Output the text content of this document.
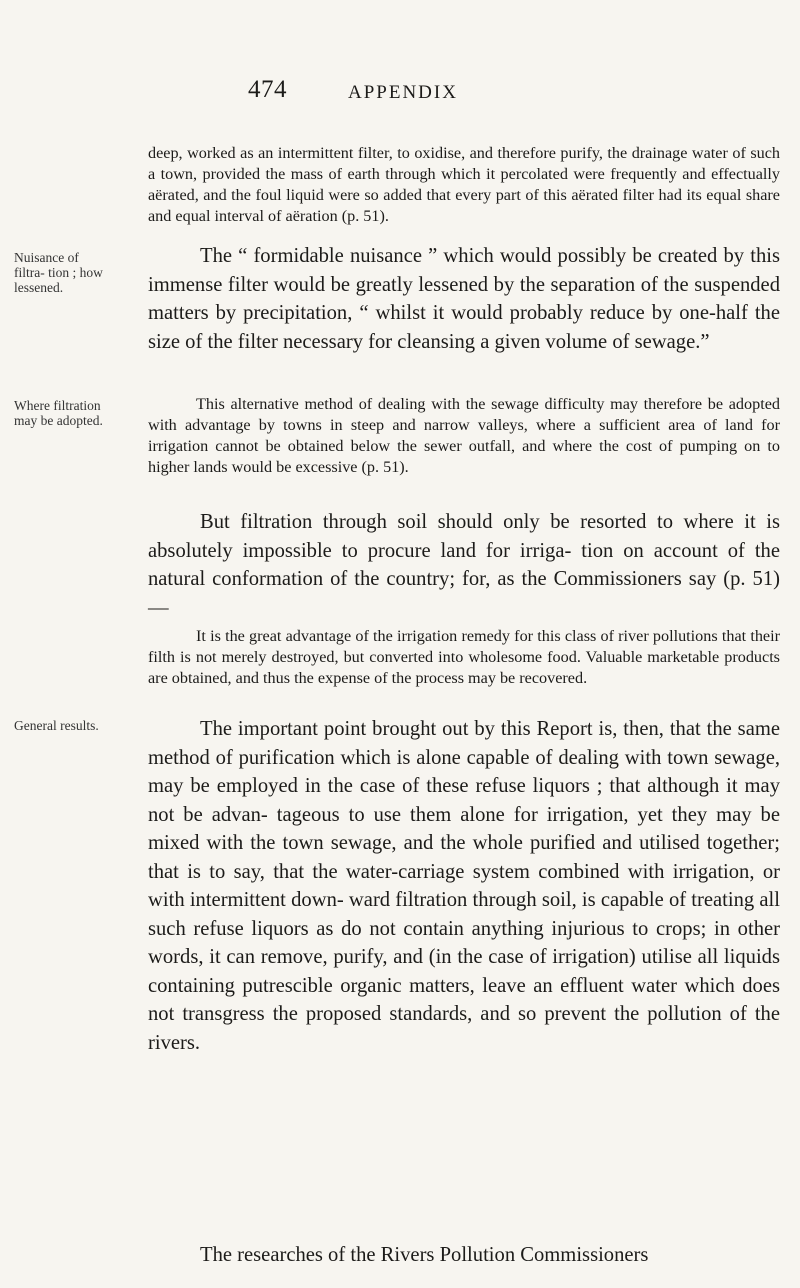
474	APPENDIX

deep, worked as an intermittent filter, to oxidise, and therefore purify, the drainage water of such a town, provided the mass of earth through which it percolated were frequently and effectually aërated, and the foul liquid were so added that every part of this aërated filter had its equal share and equal interval of aëration (p. 51).

Nuisance of filtra- tion ; how lessened.

The “ formidable nuisance ” which would possibly be created by this immense filter would be greatly lessened by the separation of the suspended matters by precipitation, “ whilst it would probably reduce by one-half the size of the filter necessary for cleansing a given volume of sewage.”

Where filtration may be adopted.

This alternative method of dealing with the sewage difficulty may therefore be adopted with advantage by towns in steep and narrow valleys, where a sufficient area of land for irrigation cannot be obtained below the sewer outfall, and where the cost of pumping on to higher lands would be excessive (p. 51).

But filtration through soil should only be resorted to where it is absolutely impossible to procure land for irriga- tion on account of the natural conformation of the country; for, as the Commissioners say (p. 51)—

It is the great advantage of the irrigation remedy for this class of river pollutions that their filth is not merely destroyed, but converted into wholesome food. Valuable marketable products are obtained, and thus the expense of the process may be recovered.

General results.	The important point brought out by this Report is, then, that the same method of purification which is alone capable of dealing with town sewage, may be employed in the case of these refuse liquors ; that although it may not be advan- tageous to use them alone for irrigation, yet they may be mixed with the town sewage, and the whole purified and utilised together; that is to say, that the water-carriage system combined with irrigation, or with intermittent down- ward filtration through soil, is capable of treating all such refuse liquors as do not contain anything injurious to crops; in other words, it can remove, purify, and (in the case of irrigation) utilise all liquids containing putrescible organic matters, leave an effluent water which does not transgress the proposed standards, and so prevent the pollution of the rivers.

The researches of the Rivers Pollution Commissioners
